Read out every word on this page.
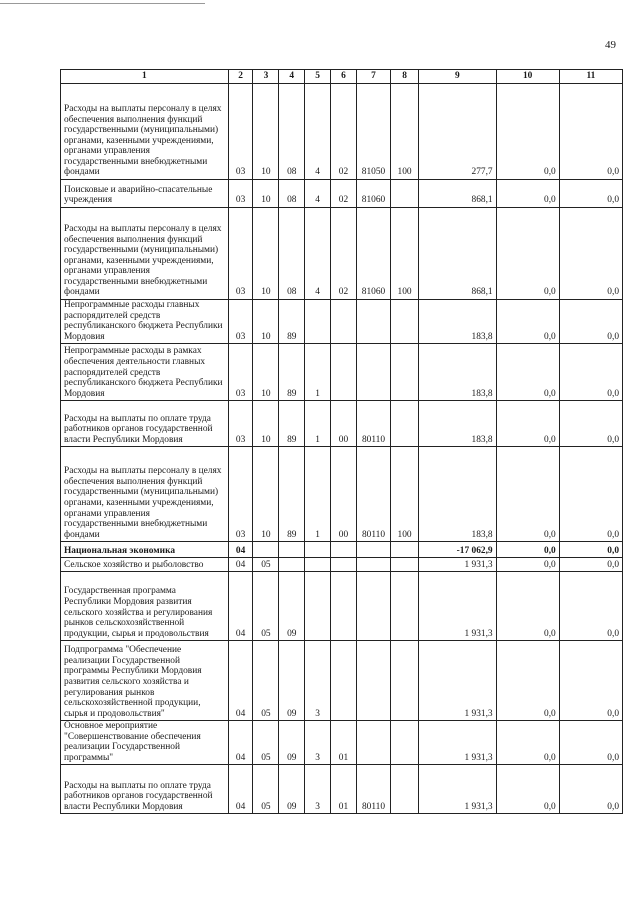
49
1	2	3	4	5	6	7	8	9	10	11
Расходы на выплаты персоналу в целях обеспечения выполнения функций государственными (муниципальными) органами, казенными учреждениями, органами управления государственными внебюджетными фондами	03	10	08	4	02	81050	100	277,7	0,0	0,0
Поисковые и аварийно-спасательные учреждения	03	10	08	4	02	81060		868,1	0,0	0,0
Расходы на выплаты персоналу в целях обеспечения выполнения функций государственными (муниципальными) органами, казенными учреждениями, органами управления государственными внебюджетными фондами	03	10	08	4	02	81060	100	868,1	0,0	0,0
Непрограммные расходы главных распорядителей средств республиканского бюджета Республики Мордовия	03	10	89					183,8	0,0	0,0
Непрограммные расходы в рамках обеспечения деятельности главных распорядителей средств республиканского бюджета Республики Мордовия	03	10	89	1				183,8	0,0	0,0
Расходы на выплаты по оплате труда работников органов государственной власти Республики Мордовия	03	10	89	1	00	80110		183,8	0,0	0,0
Расходы на выплаты персоналу в целях обеспечения выполнения функций государственными (муниципальными) органами, казенными учреждениями, органами управления государственными внебюджетными фондами	03	10	89	1	00	80110	100	183,8	0,0	0,0
Национальная экономика	04							-17 062,9	0,0	0,0
Сельское хозяйство и рыболовство	04	05						1 931,3	0,0	0,0
Государственная программа Республики Мордовия развития сельского хозяйства и регулирования рынков сельскохозяйственной продукции, сырья и продовольствия	04	05	09					1 931,3	0,0	0,0
Подпрограмма "Обеспечение реализации Государственной программы Республики Мордовия развития сельского хозяйства и регулирования рынков сельскохозяйственной продукции, сырья и продовольствия"	04	05	09	3				1 931,3	0,0	0,0
Основное мероприятие "Совершенствование обеспечения реализации Государственной программы"	04	05	09	3	01			1 931,3	0,0	0,0
Расходы на выплаты по оплате труда работников органов государственной власти Республики Мордовия	04	05	09	3	01	80110		1 931,3	0,0	0,0
